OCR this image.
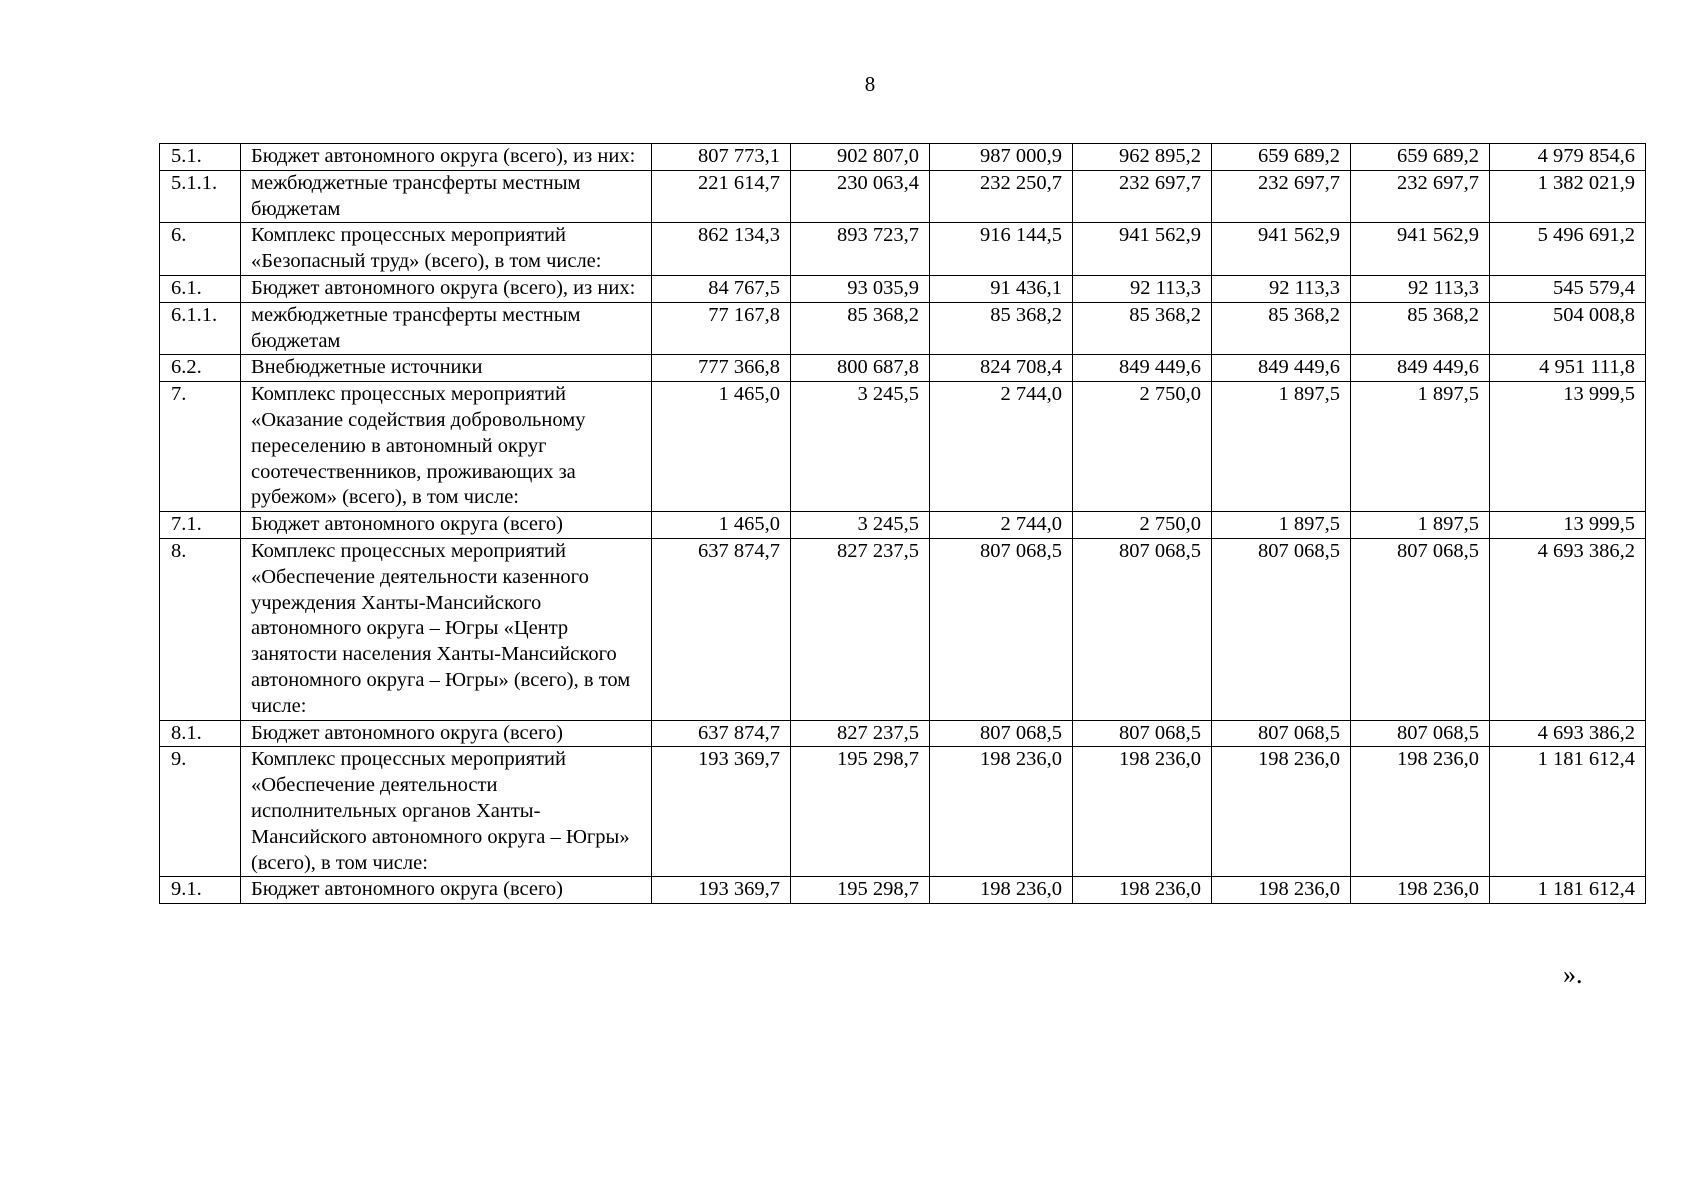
8
5.1.	Бюджет автономного округа (всего), из них:	807 773,1	902 807,0	987 000,9	962 895,2	659 689,2	659 689,2	4 979 854,6
5.1.1.	межбюджетные трансферты местным бюджетам	221 614,7	230 063,4	232 250,7	232 697,7	232 697,7	232 697,7	1 382 021,9
6.	Комплекс процессных мероприятий «Безопасный труд» (всего), в том числе:	862 134,3	893 723,7	916 144,5	941 562,9	941 562,9	941 562,9	5 496 691,2
6.1.	Бюджет автономного округа (всего), из них:	84 767,5	93 035,9	91 436,1	92 113,3	92 113,3	92 113,3	545 579,4
6.1.1.	межбюджетные трансферты местным бюджетам	77 167,8	85 368,2	85 368,2	85 368,2	85 368,2	85 368,2	504 008,8
6.2.	Внебюджетные источники	777 366,8	800 687,8	824 708,4	849 449,6	849 449,6	849 449,6	4 951 111,8
7.	Комплекс процессных мероприятий «Оказание содействия добровольному переселению в автономный округ соотечественников, проживающих за рубежом» (всего), в том числе:	1 465,0	3 245,5	2 744,0	2 750,0	1 897,5	1 897,5	13 999,5
7.1.	Бюджет автономного округа (всего)	1 465,0	3 245,5	2 744,0	2 750,0	1 897,5	1 897,5	13 999,5
8.	Комплекс процессных мероприятий «Обеспечение деятельности казенного учреждения Ханты-Мансийского автономного округа – Югры «Центр занятости населения Ханты-Мансийского автономного округа – Югры» (всего), в том числе:	637 874,7	827 237,5	807 068,5	807 068,5	807 068,5	807 068,5	4 693 386,2
8.1.	Бюджет автономного округа (всего)	637 874,7	827 237,5	807 068,5	807 068,5	807 068,5	807 068,5	4 693 386,2
9.	Комплекс процессных мероприятий «Обеспечение деятельности исполнительных органов Ханты-Мансийского автономного округа – Югры» (всего), в том числе:	193 369,7	195 298,7	198 236,0	198 236,0	198 236,0	198 236,0	1 181 612,4
9.1.	Бюджет автономного округа (всего)	193 369,7	195 298,7	198 236,0	198 236,0	198 236,0	198 236,0	1 181 612,4
».
